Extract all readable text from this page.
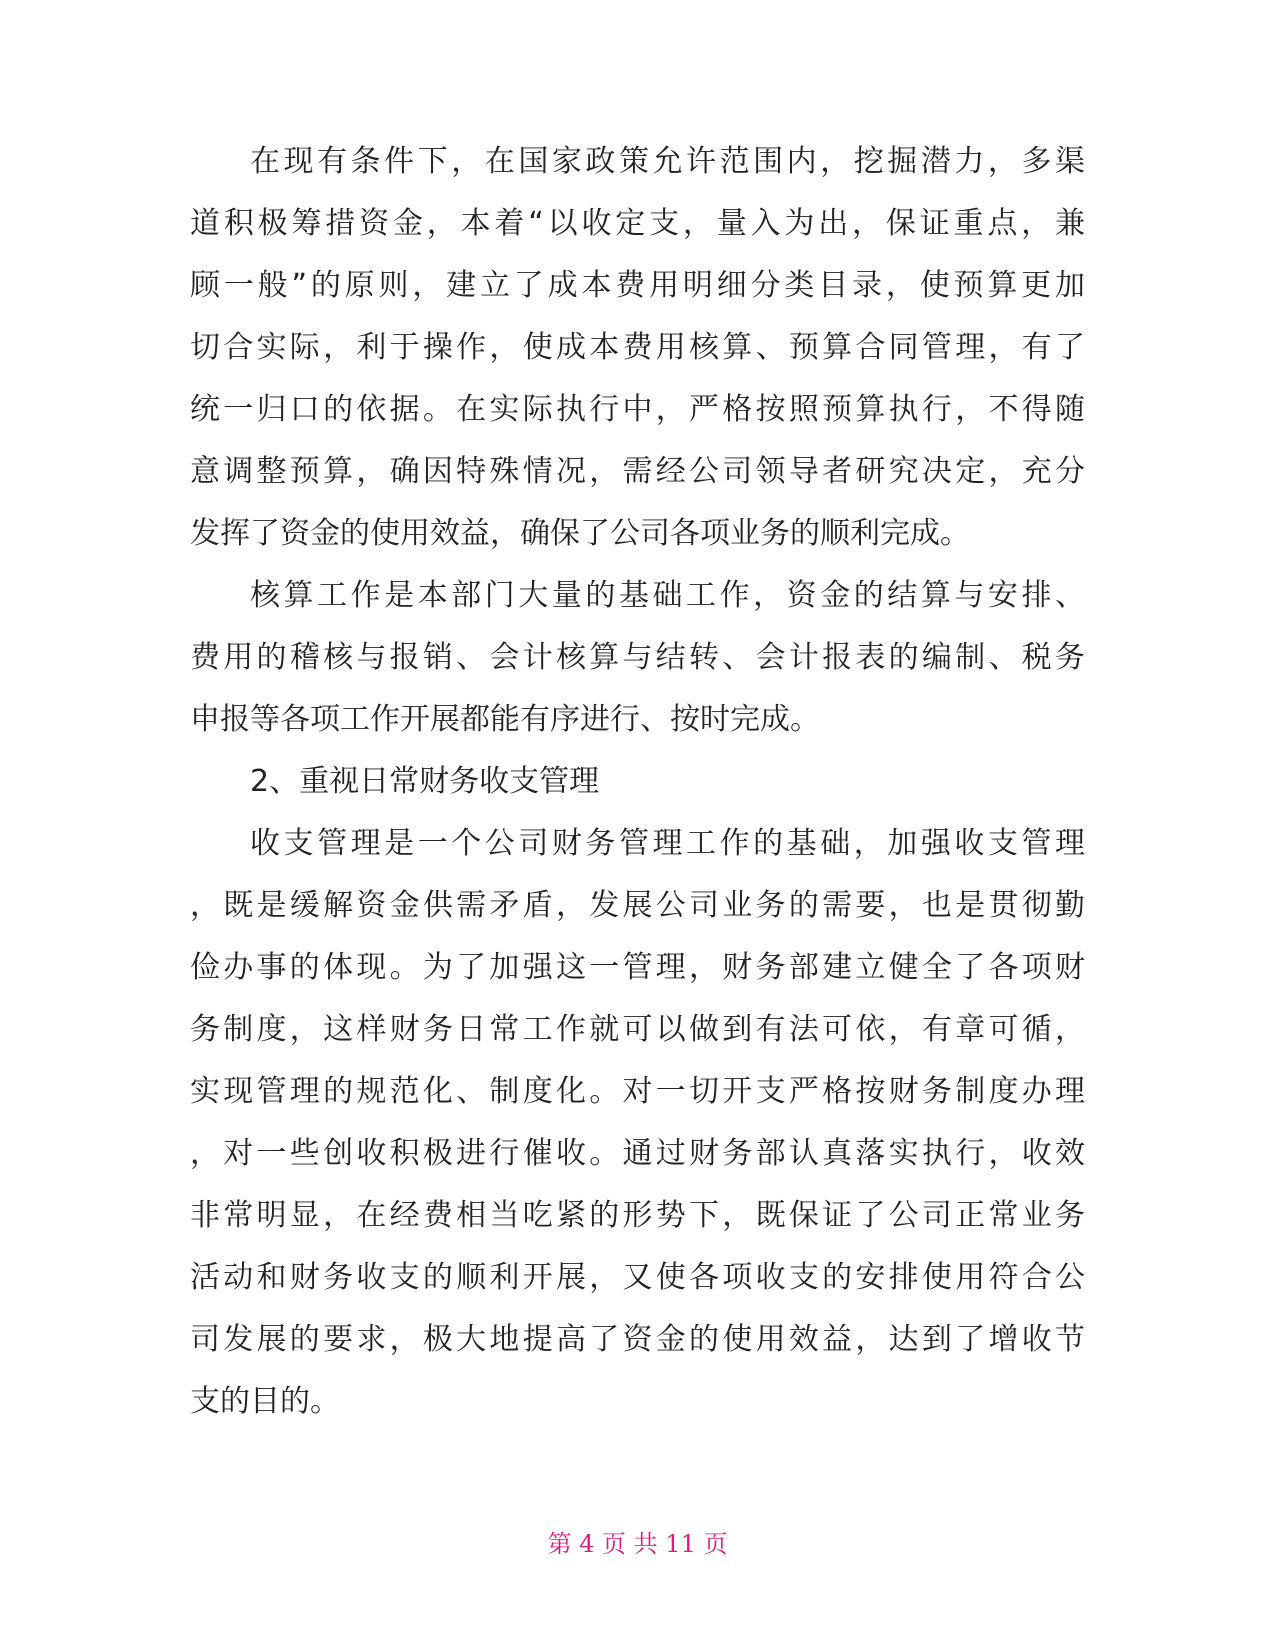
在现有条件下，在国家政策允许范围内，挖掘潜力，多渠
道积极筹措资金，本着“以收定支，量入为出，保证重点，兼
顾一般”的原则，建立了成本费用明细分类目录，使预算更加
切合实际，利于操作，使成本费用核算、预算合同管理，有了
统一归口的依据。在实际执行中，严格按照预算执行，不得随
意调整预算，确因特殊情况，需经公司领导者研究决定，充分
发挥了资金的使用效益，确保了公司各项业务的顺利完成。
核算工作是本部门大量的基础工作，资金的结算与安排、
费用的稽核与报销、会计核算与结转、会计报表的编制、税务
申报等各项工作开展都能有序进行、按时完成。
2、重视日常财务收支管理
收支管理是一个公司财务管理工作的基础，加强收支管理
，既是缓解资金供需矛盾，发展公司业务的需要，也是贯彻勤
俭办事的体现。为了加强这一管理，财务部建立健全了各项财
务制度，这样财务日常工作就可以做到有法可依，有章可循，
实现管理的规范化、制度化。对一切开支严格按财务制度办理
，对一些创收积极进行催收。通过财务部认真落实执行，收效
非常明显，在经费相当吃紧的形势下，既保证了公司正常业务
活动和财务收支的顺利开展，又使各项收支的安排使用符合公
司发展的要求，极大地提高了资金的使用效益，达到了增收节
支的目的。
第 4 页 共 11 页
